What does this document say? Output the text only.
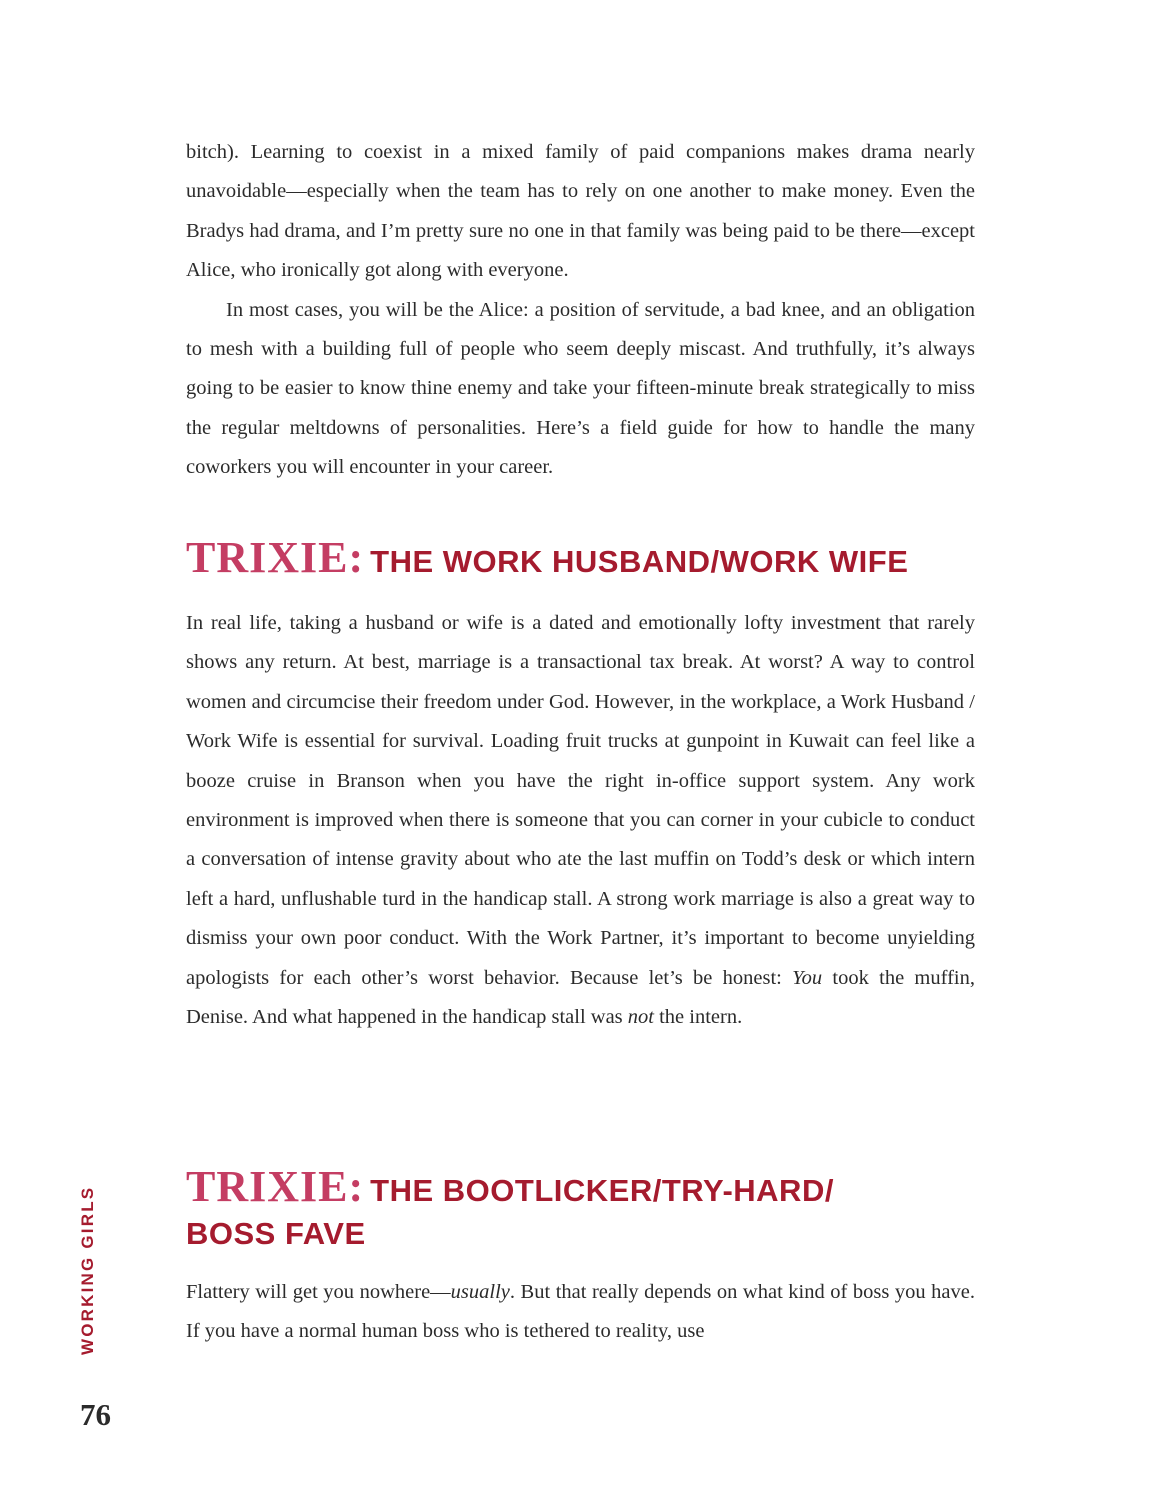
bitch). Learning to coexist in a mixed family of paid companions makes drama nearly unavoidable—especially when the team has to rely on one another to make money. Even the Bradys had drama, and I’m pretty sure no one in that family was being paid to be there—except Alice, who ironically got along with everyone.

In most cases, you will be the Alice: a position of servitude, a bad knee, and an obligation to mesh with a building full of people who seem deeply miscast. And truthfully, it’s always going to be easier to know thine enemy and take your fifteen-minute break strategically to miss the regular meltdowns of personalities. Here’s a field guide for how to handle the many coworkers you will encounter in your career.

TRIXIE: THE WORK HUSBAND/WORK WIFE

In real life, taking a husband or wife is a dated and emotionally lofty investment that rarely shows any return. At best, marriage is a transactional tax break. At worst? A way to control women and circumcise their freedom under God. However, in the workplace, a Work Husband / Work Wife is essential for survival. Loading fruit trucks at gunpoint in Kuwait can feel like a booze cruise in Branson when you have the right in-office support system. Any work environment is improved when there is someone that you can corner in your cubicle to conduct a conversation of intense gravity about who ate the last muffin on Todd’s desk or which intern left a hard, unflushable turd in the handicap stall. A strong work marriage is also a great way to dismiss your own poor conduct. With the Work Partner, it’s important to become unyielding apologists for each other’s worst behavior. Because let’s be honest: You took the muffin, Denise. And what happened in the handicap stall was not the intern.

TRIXIE: THE BOOTLICKER/TRY-HARD/
BOSS FAVE

Flattery will get you nowhere—usually. But that really depends on what kind of boss you have. If you have a normal human boss who is tethered to reality, use

WORKING GIRLS
76
